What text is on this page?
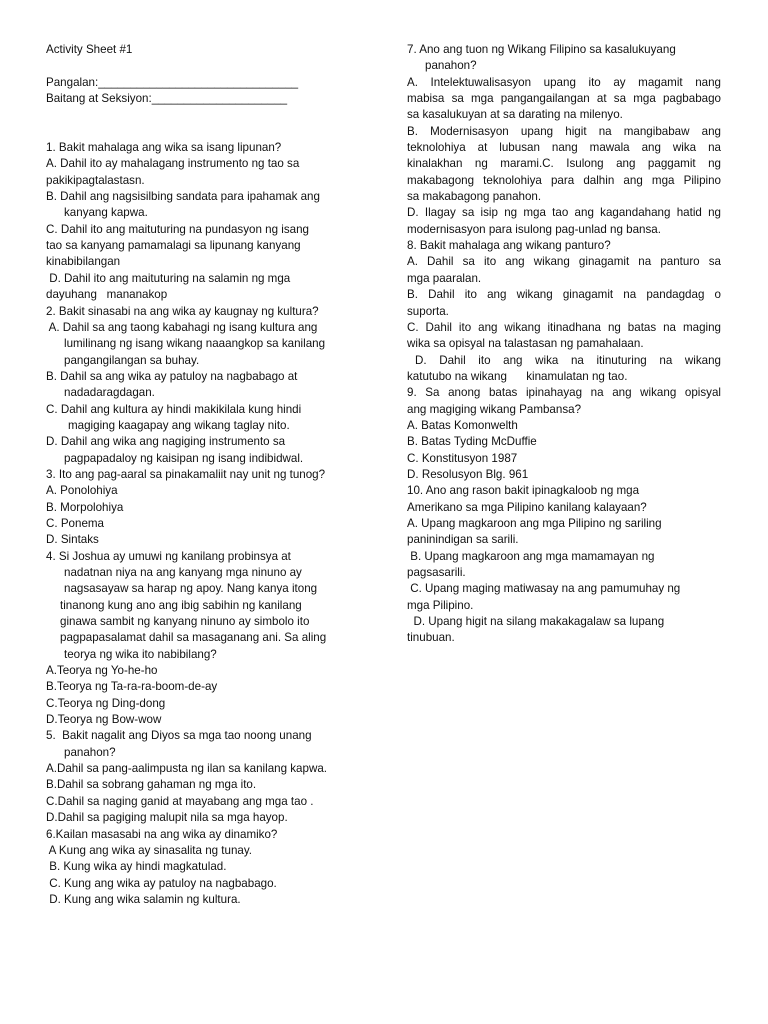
Activity Sheet #1
Pangalan:_______________________________
Baitang at Seksiyon:_____________________
1. Bakit mahalaga ang wika sa isang lipunan?
A. Dahil ito ay mahalagang instrumento ng tao sa
pakikipagtalastasn.
B. Dahil ang nagsisilbing sandata para ipahamak ang
kanyang kapwa.
C. Dahil ito ang maituturing na pundasyon ng isang
tao sa kanyang pamamalagi sa lipunang kanyang
kinabibilangan
D. Dahil ito ang maituturing na salamin ng mga
dayuhang   mananakop
2. Bakit sinasabi na ang wika ay kaugnay ng kultura?
A. Dahil sa ang taong kabahagi ng isang kultura ang
lumilinang ng isang wikang naaangkop sa kanilang
pangangilangan sa buhay.
B. Dahil sa ang wika ay patuloy na nagbabago at
nadadaragdagan.
C. Dahil ang kultura ay hindi makikilala kung hindi
magiging kaagapay ang wikang taglay nito.
D. Dahil ang wika ang nagiging instrumento sa
pagpapadaloy ng kaisipan ng isang indibidwal.
3. Ito ang pag-aaral sa pinakamaliit nay unit ng tunog?
A. Ponolohiya
B. Morpolohiya
C. Ponema
D. Sintaks
4. Si Joshua ay umuwi ng kanilang probinsya at
nadatnan niya na ang kanyang mga ninuno ay
nagsasayaw sa harap ng apoy. Nang kanya itong
tinanong kung ano ang ibig sabihin ng kanilang
ginawa sambit ng kanyang ninuno ay simbolo ito
pagpapasalamat dahil sa masaganang ani. Sa aling
teorya ng wika ito nabibilang?
A.Teorya ng Yo-he-ho
B.Teorya ng Ta-ra-ra-boom-de-ay
C.Teorya ng Ding-dong
D.Teorya ng Bow-wow
5.  Bakit nagalit ang Diyos sa mga tao noong unang
panahon?
A.Dahil sa pang-aalimpusta ng ilan sa kanilang kapwa.
B.Dahil sa sobrang gahaman ng mga ito.
C.Dahil sa naging ganid at mayabang ang mga tao .
D.Dahil sa pagiging malupit nila sa mga hayop.
6.Kailan masasabi na ang wika ay dinamiko?
A Kung ang wika ay sinasalita ng tunay.
B. Kung wika ay hindi magkatulad.
C. Kung ang wika ay patuloy na nagbabago.
D. Kung ang wika salamin ng kultura.
7. Ano ang tuon ng Wikang Filipino sa kasalukuyang
panahon?
A. Intelektuwalisasyon upang ito ay magamit nang
mabisa sa mga pangangailangan at sa mga pagbabago
sa kasalukuyan at sa darating na milenyo.
B. Modernisasyon upang higit na mangibabaw ang
teknolohiya at lubusan nang mawala ang wika na
kinalakhan ng marami.C. Isulong ang paggamit ng
makabagong teknolohiya para dalhin ang mga Pilipino
sa makabagong panahon.
D. Ilagay sa isip ng mga tao ang kagandahang hatid ng
modernisasyon para isulong pag-unlad ng bansa.
8. Bakit mahalaga ang wikang panturo?
A. Dahil sa ito ang wikang ginagamit na panturo sa
mga paaralan.
B. Dahil ito ang wikang ginagamit na pandagdag o
suporta.
C. Dahil ito ang wikang itinadhana ng batas na maging
wika sa opisyal na talastasan ng pamahalaan.
D. Dahil ito ang wika na itinuturing na wikang
katutubo na wikang      kinamulatan ng tao.
9. Sa anong batas ipinahayag na ang wikang opisyal
ang magiging wikang Pambansa?
A. Batas Komonwelth
B. Batas Tyding McDuffie
C. Konstitusyon 1987
D. Resolusyon Blg. 961
10. Ano ang rason bakit ipinagkaloob ng mga
Amerikano sa mga Pilipino kanilang kalayaan?
A. Upang magkaroon ang mga Pilipino ng sariling
paninindigan sa sarili.
B. Upang magkaroon ang mga mamamayan ng
pagsasarili.
C. Upang maging matiwasay na ang pamumuhay ng
mga Pilipino.
D. Upang higit na silang makakagalaw sa lupang
tinubuan.
